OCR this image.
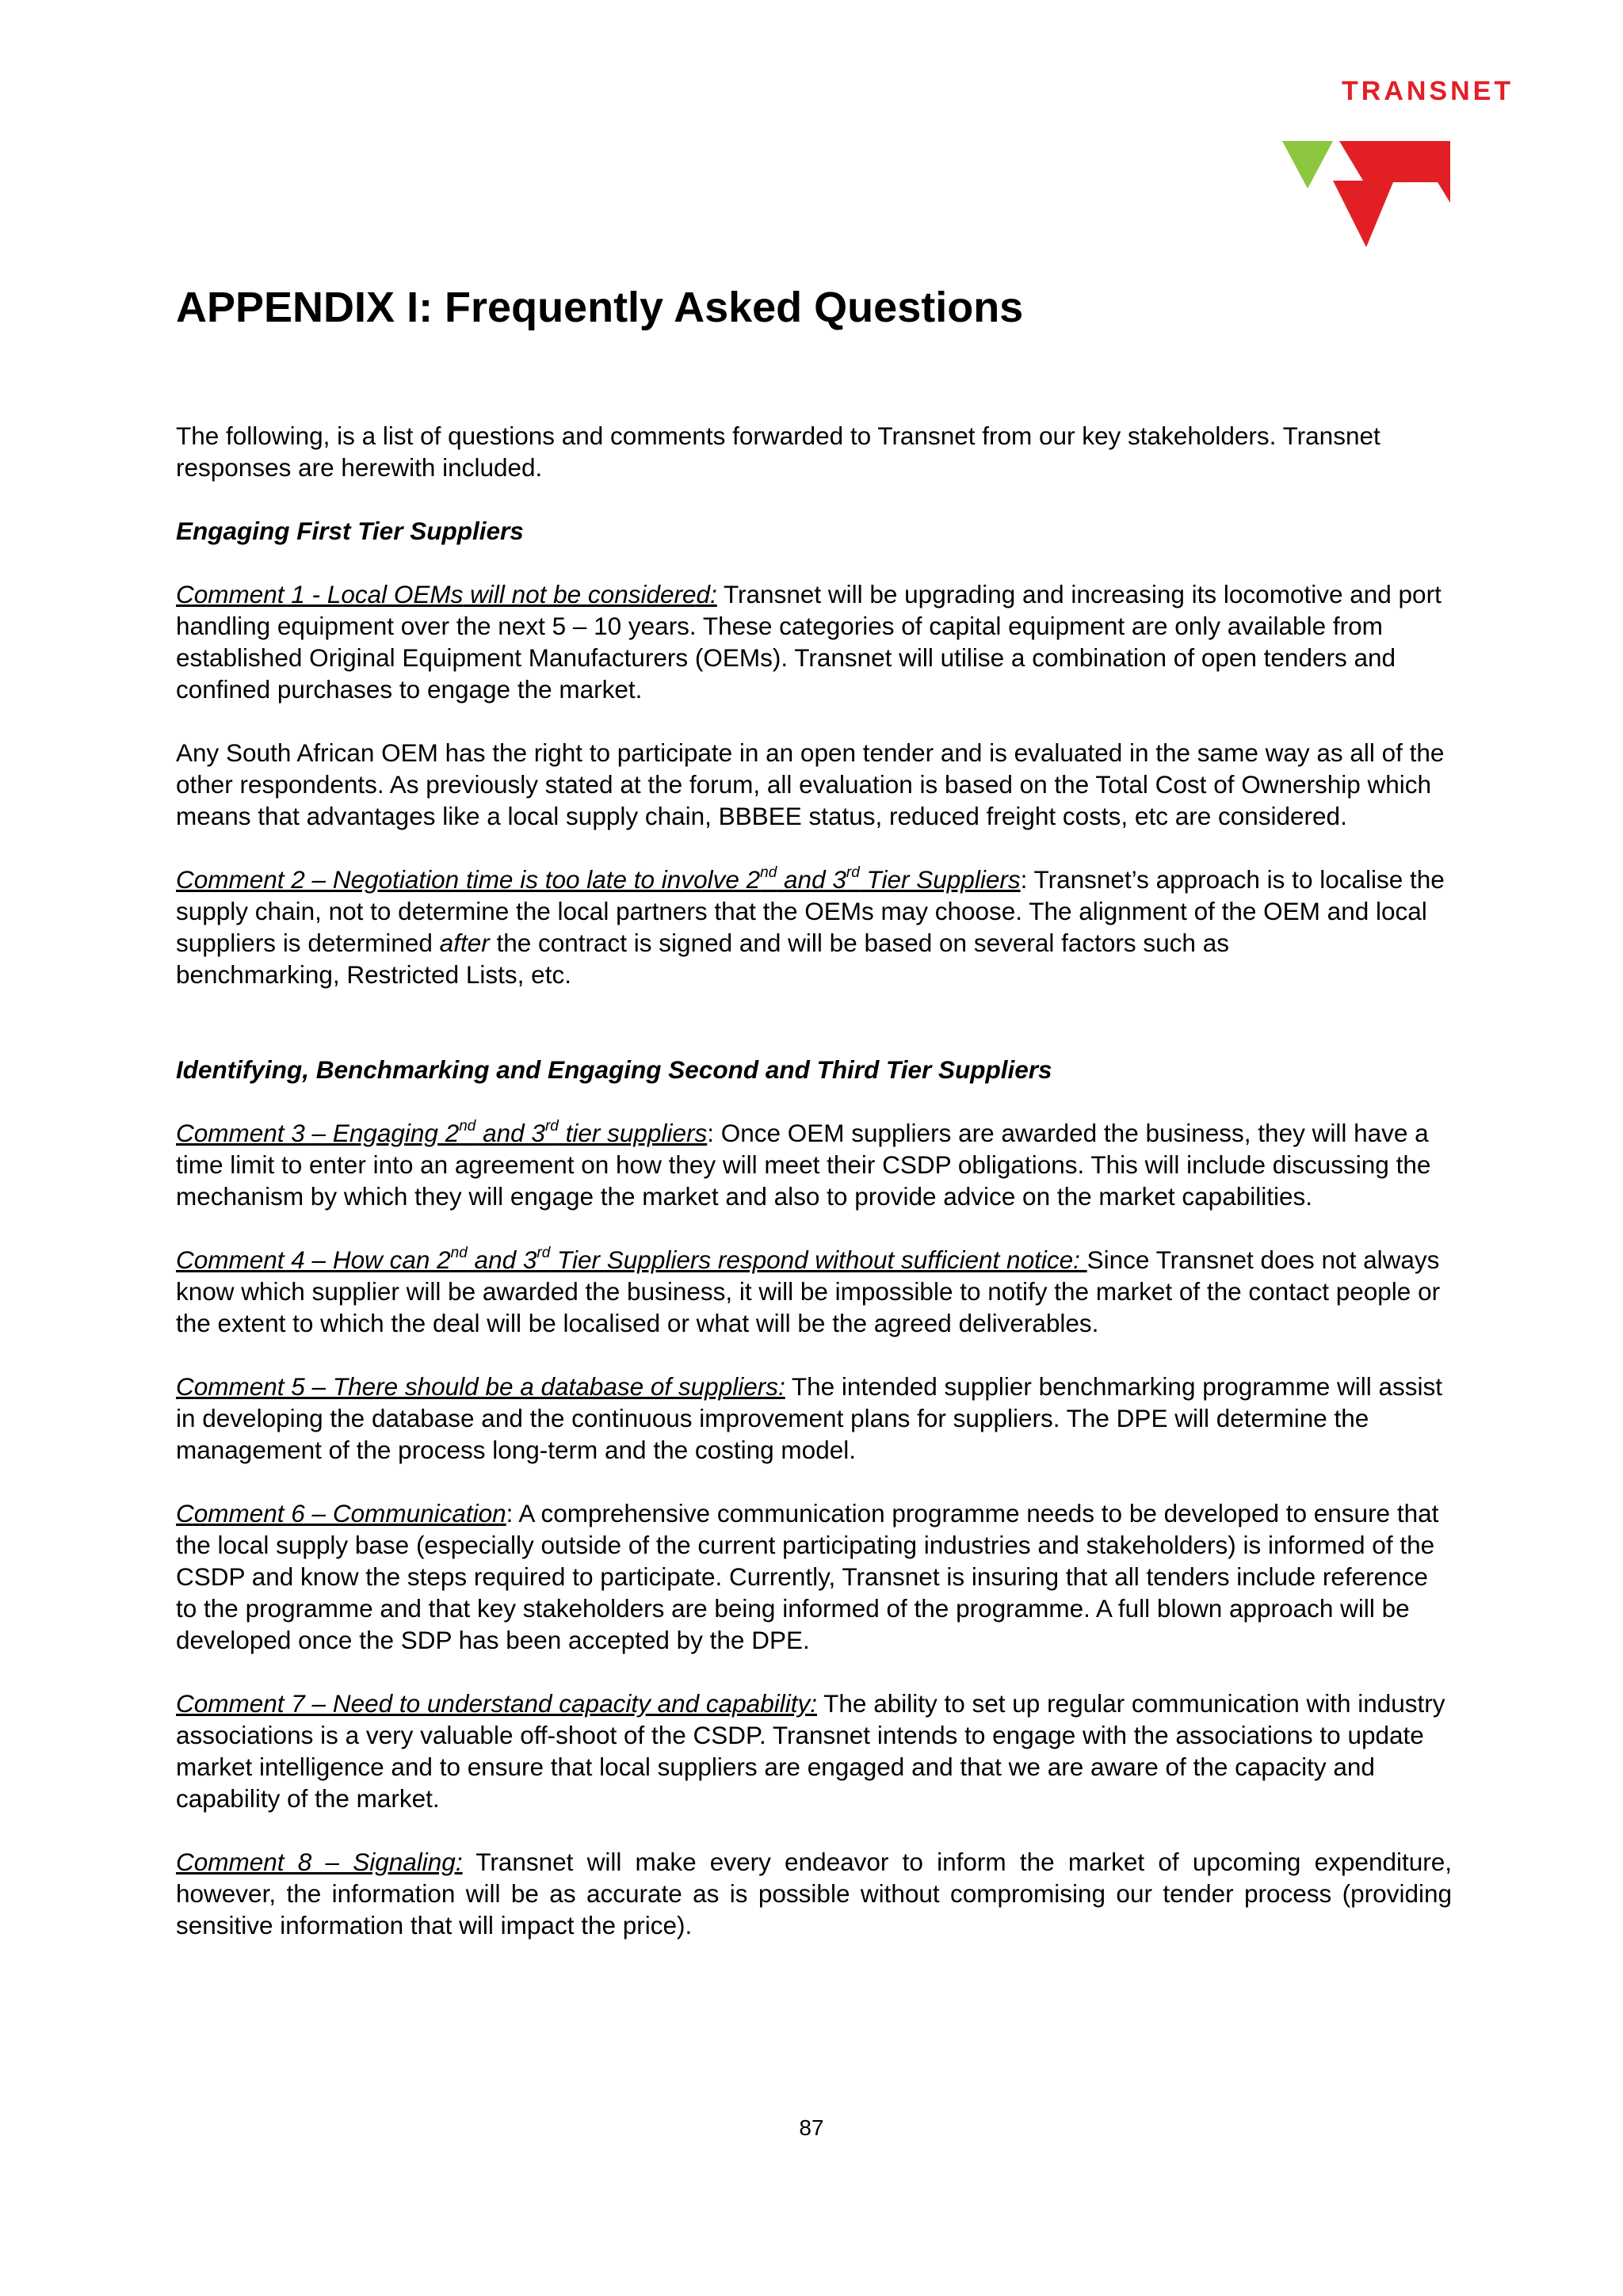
TRANSNET
APPENDIX I: Frequently Asked Questions

The following, is a list of questions and comments forwarded to Transnet from our key stakeholders. Transnet responses are herewith included.

Engaging First Tier Suppliers

Comment 1 - Local OEMs will not be considered: Transnet will be upgrading and increasing its locomotive and port handling equipment over the next 5 – 10 years. These categories of capital equipment are only available from established Original Equipment Manufacturers (OEMs). Transnet will utilise a combination of open tenders and confined purchases to engage the market.

Any South African OEM has the right to participate in an open tender and is evaluated in the same way as all of the other respondents. As previously stated at the forum, all evaluation is based on the Total Cost of Ownership which means that advantages like a local supply chain, BBBEE status, reduced freight costs, etc are considered.

Comment 2 – Negotiation time is too late to involve 2nd and 3rd Tier Suppliers: Transnet’s approach is to localise the supply chain, not to determine the local partners that the OEMs may choose. The alignment of the OEM and local suppliers is determined after the contract is signed and will be based on several factors such as
benchmarking, Restricted Lists, etc.

Identifying, Benchmarking and Engaging Second and Third Tier Suppliers

Comment 3 – Engaging 2nd and 3rd tier suppliers: Once OEM suppliers are awarded the business, they will have a time limit to enter into an agreement on how they will meet their CSDP obligations. This will include discussing the mechanism by which they will engage the market and also to provide advice on the market capabilities.

Comment 4 – How can 2nd and 3rd Tier Suppliers respond without sufficient notice: Since Transnet does not always know which supplier will be awarded the business, it will be impossible to notify the market of the contact people or the extent to which the deal will be localised or what will be the agreed deliverables.

Comment 5 – There should be a database of suppliers: The intended supplier benchmarking programme will assist in developing the database and the continuous improvement plans for suppliers. The DPE will determine the management of the process long-term and the costing model.

Comment 6 – Communication: A comprehensive communication programme needs to be developed to ensure that the local supply base (especially outside of the current participating industries and stakeholders) is informed of the CSDP and know the steps required to participate. Currently, Transnet is insuring that all tenders include reference to the programme and that key stakeholders are being informed of the programme. A full blown approach will be developed once the SDP has been accepted by the DPE.

Comment 7 – Need to understand capacity and capability: The ability to set up regular communication with industry associations is a very valuable off-shoot of the CSDP. Transnet intends to engage with the associations to update market intelligence and to ensure that local suppliers are engaged and that we are aware of the capacity and capability of the market.

Comment 8 – Signaling: Transnet will make every endeavor to inform the market of upcoming expenditure, however, the information will be as accurate as is possible without compromising our tender process (providing sensitive information that will impact the price).

87
